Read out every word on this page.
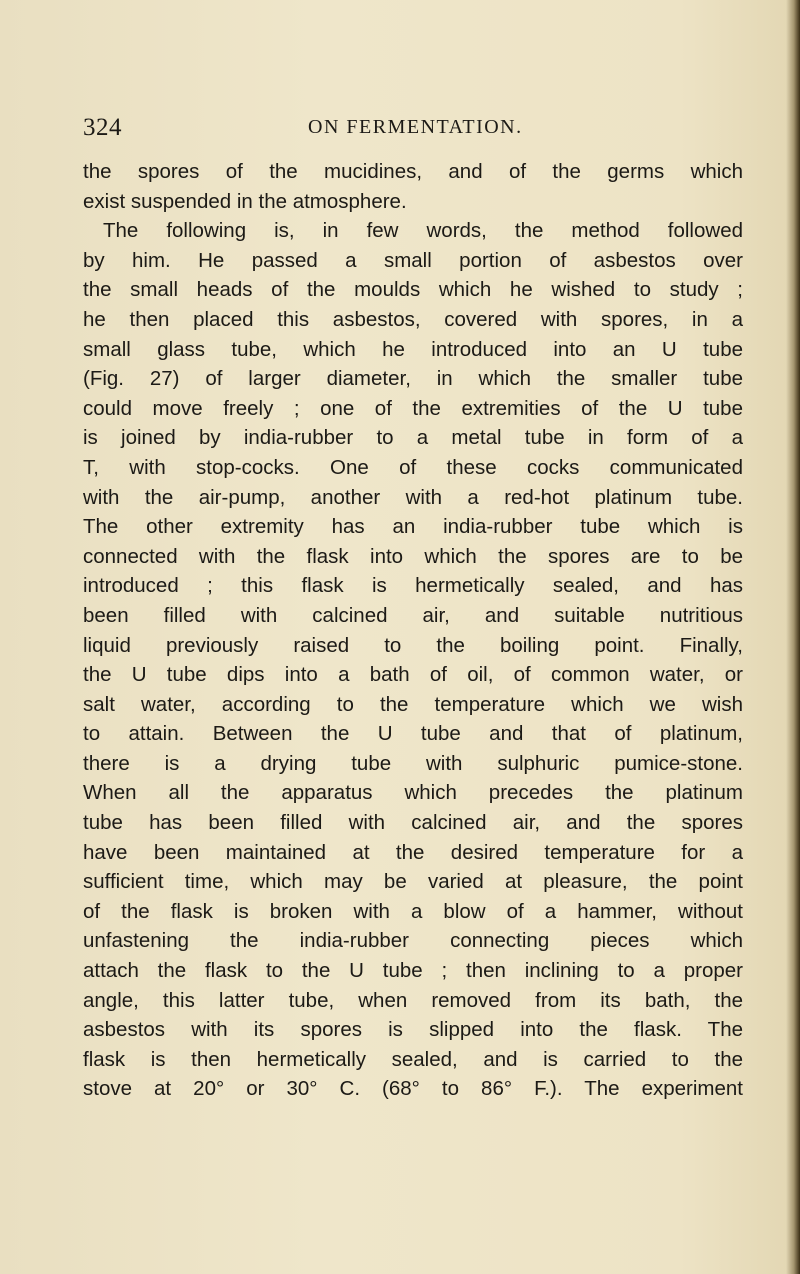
324	ON FERMENTATION.
the spores of the mucidines, and of the germs which
exist suspended in the atmosphere.
The following is, in few words, the method followed
by him. He passed a small portion of asbestos over
the small heads of the moulds which he wished to study ;
he then placed this asbestos, covered with spores, in a
small glass tube, which he introduced into an U tube
(Fig. 27) of larger diameter, in which the smaller tube
could move freely ; one of the extremities of the U tube
is joined by india-rubber to a metal tube in form of a
T, with stop-cocks. One of these cocks communicated
with the air-pump, another with a red-hot platinum tube.
The other extremity has an india-rubber tube which is
connected with the flask into which the spores are to be
introduced ; this flask is hermetically sealed, and has
been filled with calcined air, and suitable nutritious
liquid previously raised to the boiling point. Finally,
the U tube dips into a bath of oil, of common water, or
salt water, according to the temperature which we wish
to attain. Between the U tube and that of platinum,
there is a drying tube with sulphuric pumice-stone.
When all the apparatus which precedes the platinum
tube has been filled with calcined air, and the spores
have been maintained at the desired temperature for a
sufficient time, which may be varied at pleasure, the point
of the flask is broken with a blow of a hammer, without
unfastening the india-rubber connecting pieces which
attach the flask to the U tube ; then inclining to a proper
angle, this latter tube, when removed from its bath, the
asbestos with its spores is slipped into the flask. The
flask is then hermetically sealed, and is carried to the
stove at 20° or 30° C. (68° to 86° F.). The experiment
